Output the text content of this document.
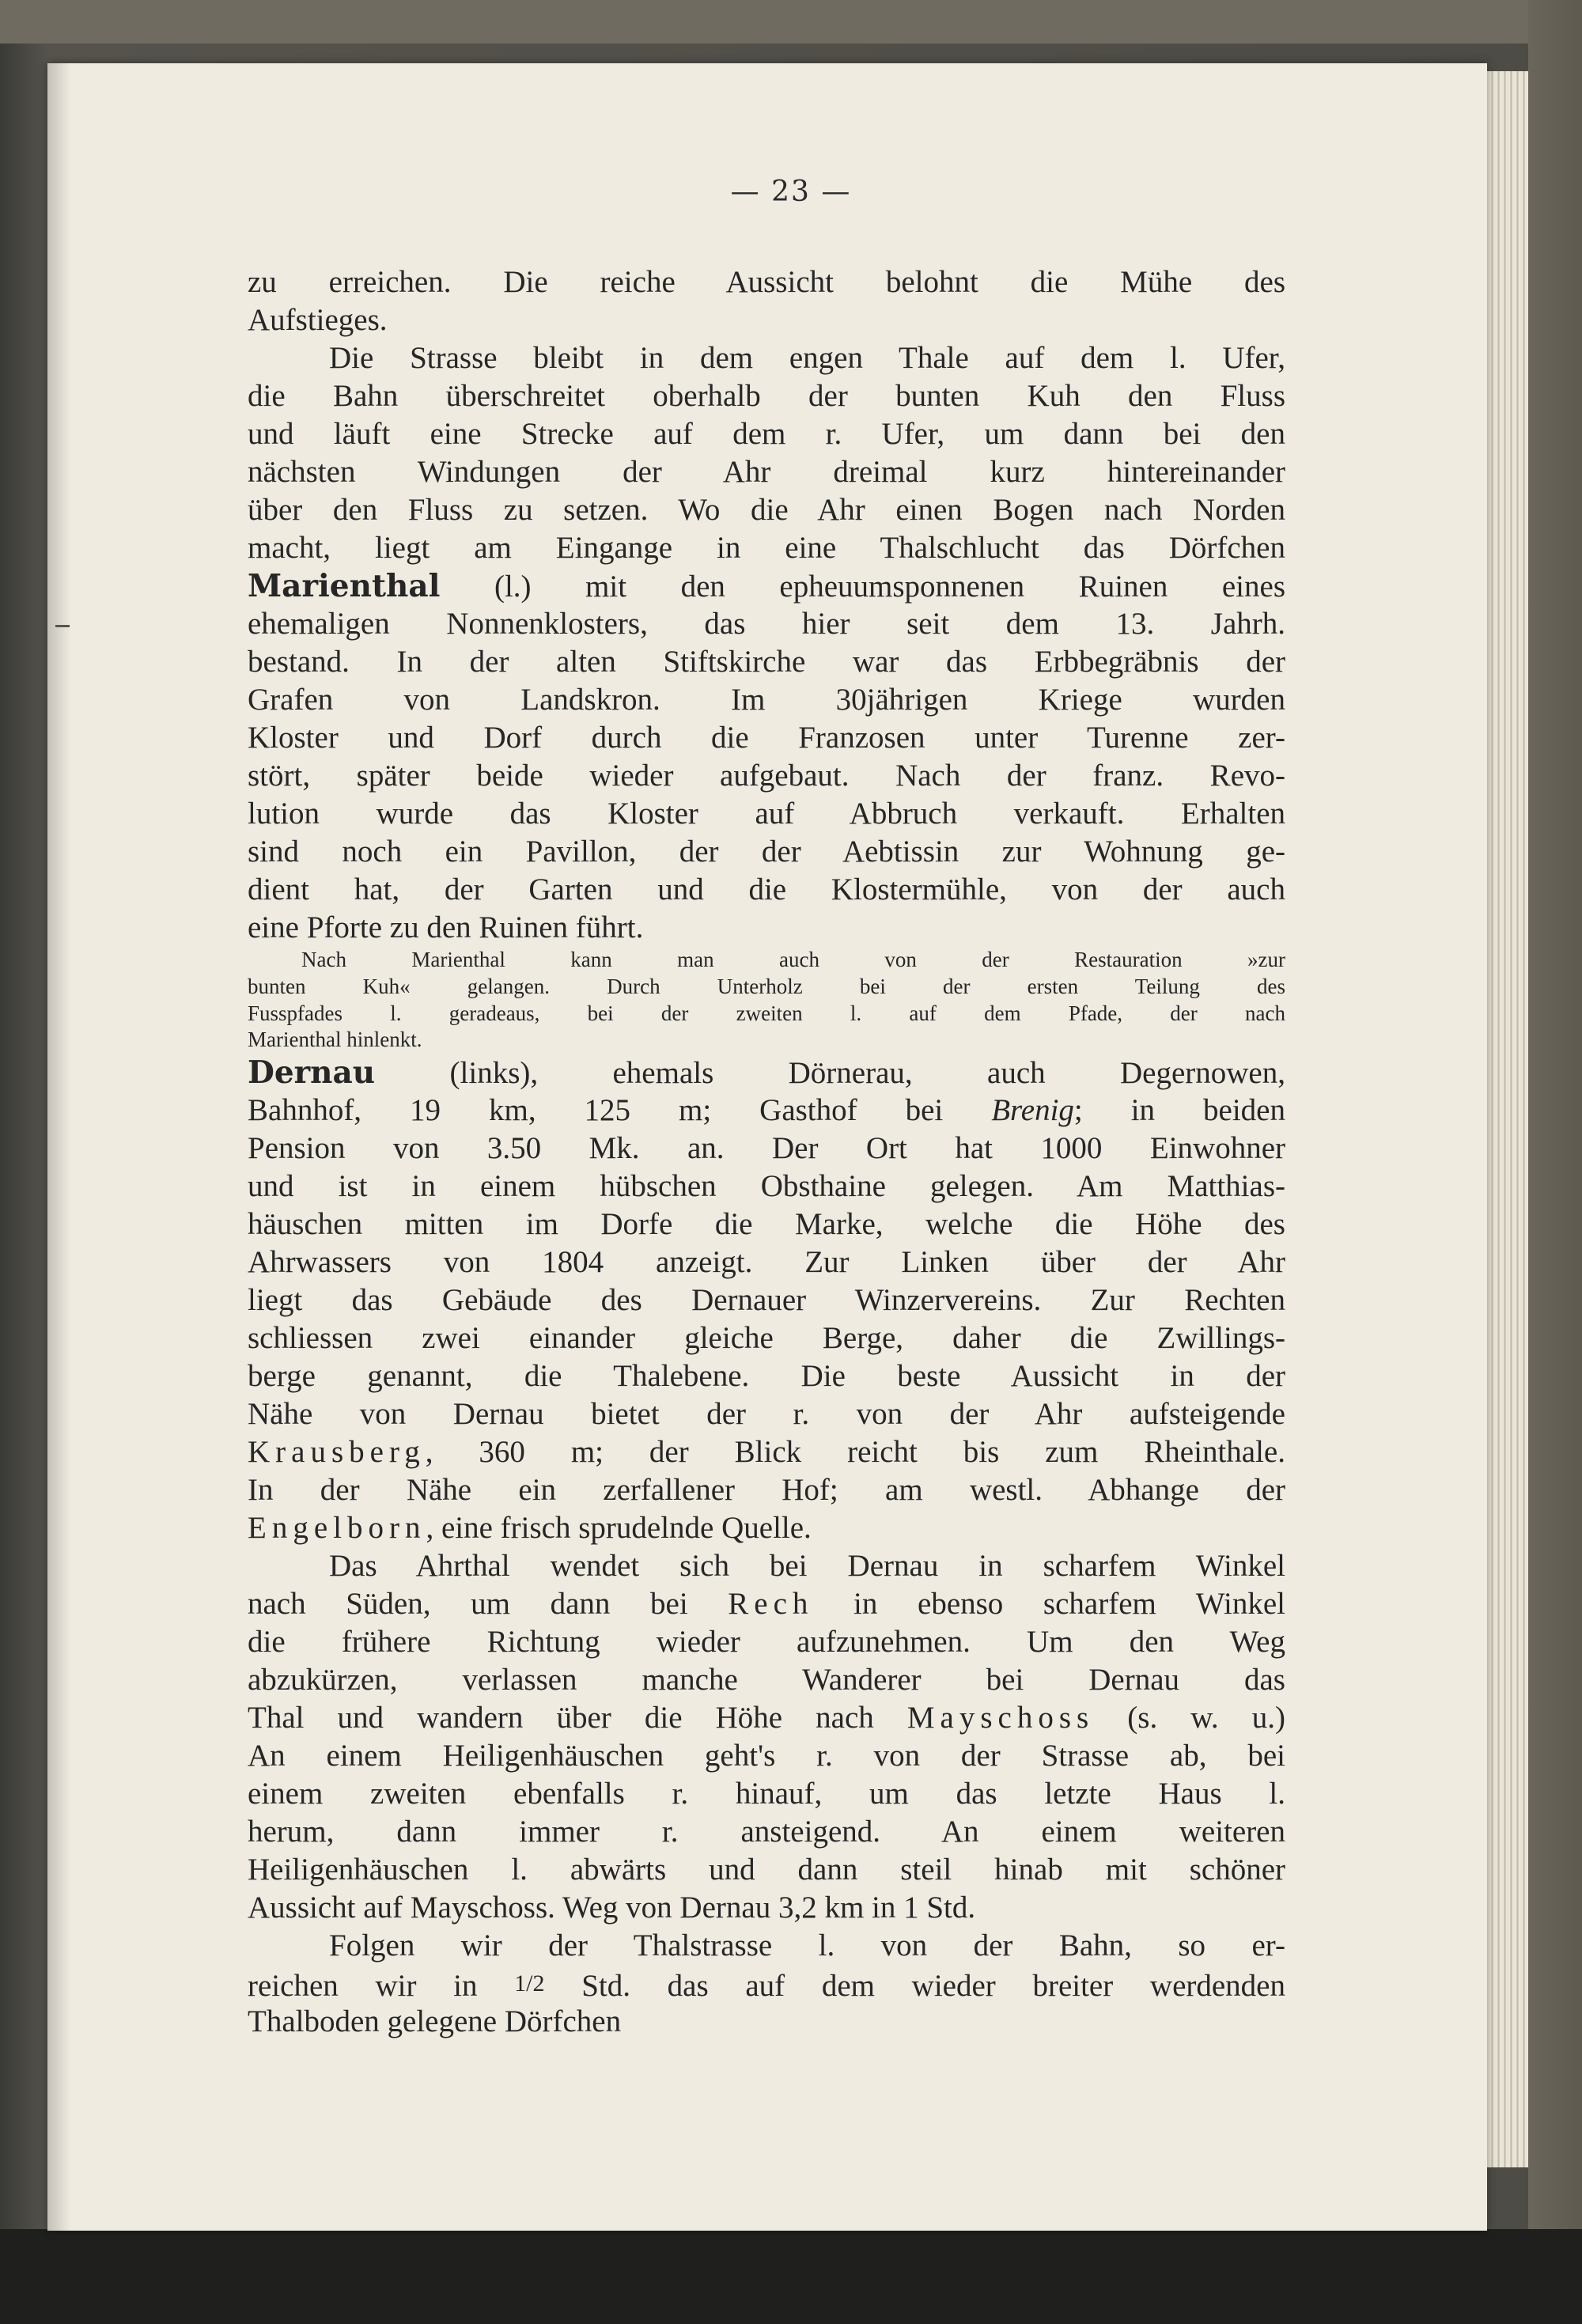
— 23 —
zu erreichen. Die reiche Aussicht belohnt die Mühe des
Aufstieges.
Die Strasse bleibt in dem engen Thale auf dem l. Ufer,
die Bahn überschreitet oberhalb der bunten Kuh den Fluss
und läuft eine Strecke auf dem r. Ufer, um dann bei den
nächsten Windungen der Ahr dreimal kurz hintereinander
über den Fluss zu setzen. Wo die Ahr einen Bogen nach Norden
macht, liegt am Eingange in eine Thalschlucht das Dörfchen
Marienthal (l.) mit den epheuumsponnenen Ruinen eines
ehemaligen Nonnenklosters, das hier seit dem 13. Jahrh.
bestand. In der alten Stiftskirche war das Erbbegräbnis der
Grafen von Landskron. Im 30jährigen Kriege wurden
Kloster und Dorf durch die Franzosen unter Turenne zer-
stört, später beide wieder aufgebaut. Nach der franz. Revo-
lution wurde das Kloster auf Abbruch verkauft. Erhalten
sind noch ein Pavillon, der der Aebtissin zur Wohnung ge-
dient hat, der Garten und die Klostermühle, von der auch
eine Pforte zu den Ruinen führt.
Nach Marienthal kann man auch von der Restauration »zur
bunten Kuh« gelangen. Durch Unterholz bei der ersten Teilung des
Fusspfades l. geradeaus, bei der zweiten l. auf dem Pfade, der nach
Marienthal hinlenkt.
Dernau (links), ehemals Dörnerau, auch Degernowen,
Bahnhof, 19 km, 125 m; Gasthof bei Brenig; in beiden
Pension von 3.50 Mk. an. Der Ort hat 1000 Einwohner
und ist in einem hübschen Obsthaine gelegen. Am Matthias-
häuschen mitten im Dorfe die Marke, welche die Höhe des
Ahrwassers von 1804 anzeigt. Zur Linken über der Ahr
liegt das Gebäude des Dernauer Winzervereins. Zur Rechten
schliessen zwei einander gleiche Berge, daher die Zwillings-
berge genannt, die Thalebene. Die beste Aussicht in der
Nähe von Dernau bietet der r. von der Ahr aufsteigende
Krausberg, 360 m; der Blick reicht bis zum Rheinthale.
In der Nähe ein zerfallener Hof; am westl. Abhange der
Engelborn, eine frisch sprudelnde Quelle.
Das Ahrthal wendet sich bei Dernau in scharfem Winkel
nach Süden, um dann bei Rech in ebenso scharfem Winkel
die frühere Richtung wieder aufzunehmen. Um den Weg
abzukürzen, verlassen manche Wanderer bei Dernau das
Thal und wandern über die Höhe nach Mayschoss (s. w. u.)
An einem Heiligenhäuschen geht's r. von der Strasse ab, bei
einem zweiten ebenfalls r. hinauf, um das letzte Haus l.
herum, dann immer r. ansteigend. An einem weiteren
Heiligenhäuschen l. abwärts und dann steil hinab mit schöner
Aussicht auf Mayschoss. Weg von Dernau 3,2 km in 1 Std.
Folgen wir der Thalstrasse l. von der Bahn, so er-
reichen wir in 1/2 Std. das auf dem wieder breiter werdenden
Thalboden gelegene Dörfchen
